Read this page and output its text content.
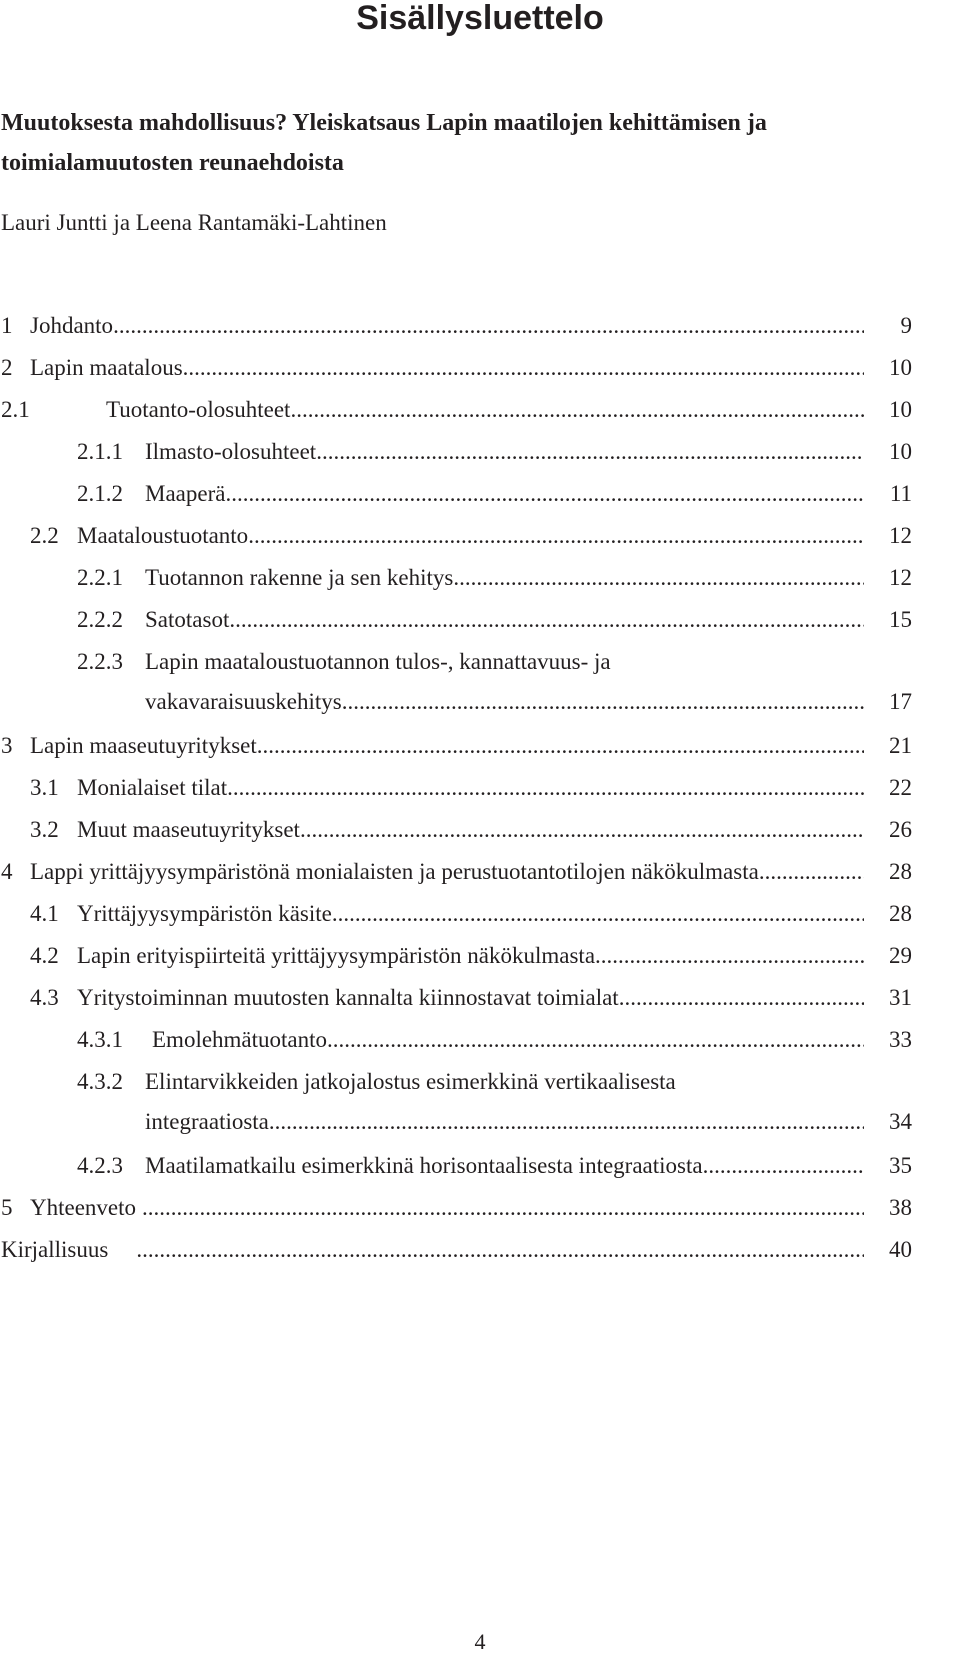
Sisällysluettelo
Muutoksesta mahdollisuus? Yleiskatsaus Lapin maatilojen kehittämisen ja
toimialamuutosten reunaehdoista
Lauri Juntti ja Leena Rantamäki-Lahtinen
1 Johdanto .....	9
2 Lapin maatalous .....	10
2.1	Tuotanto-olosuhteet .....	10
2.1.1 Ilmasto-olosuhteet .....	10
2.1.2 Maaperä .....	11
2.2 Maataloustuotanto .....	12
2.2.1 Tuotannon rakenne ja sen kehitys .....	12
2.2.2 Satotasot .....	15
2.2.3 Lapin maataloustuotannon tulos-, kannattavuus- ja
vakavaraisuuskehitys .....	17
3 Lapin maaseutuyritykset .....	21
3.1 Monialaiset tilat .....	22
3.2 Muut maaseutuyritykset .....	26
4 Lappi yrittäjyysympäristönä monialaisten ja perustuotantotilojen näkökulmasta .....	28
4.1 Yrittäjyysympäristön käsite .....	28
4.2 Lapin erityispiirteitä yrittäjyysympäristön näkökulmasta .....	29
4.3 Yritystoiminnan muutosten kannalta kiinnostavat toimialat .....	31
4.3.1 Emolehmätuotanto .....	33
4.3.2 Elintarvikkeiden jatkojalostus esimerkkinä vertikaalisesta
integraatiosta .....	34
4.2.3 Maatilamatkailu esimerkkinä horisontaalisesta integraatiosta .....	35
5 Yhteenveto .....	38
Kirjallisuus .....	40
4
